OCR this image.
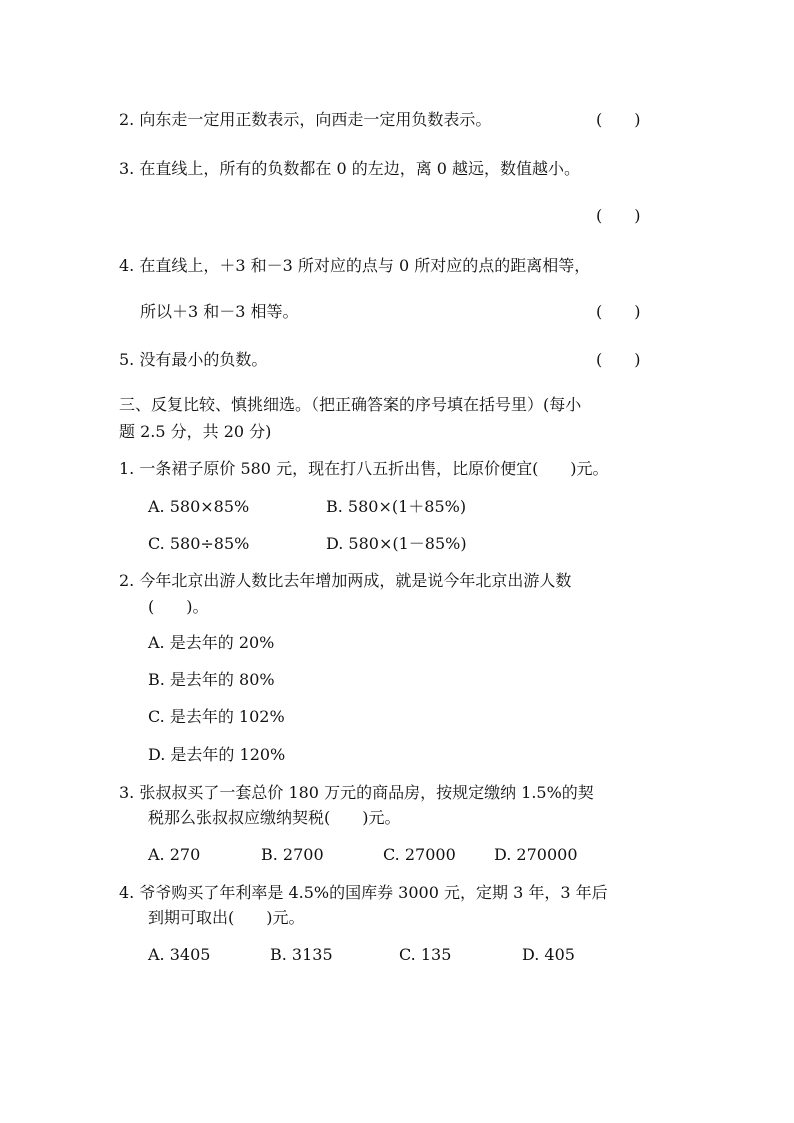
2. 向东走一定用正数表示，向西走一定用负数表示。	(　　)
3. 在直线上，所有的负数都在 0 的左边，离 0 越远，数值越小。
(　　)
4. 在直线上，＋3 和－3 所对应的点与 0 所对应的点的距离相等，
所以＋3 和－3 相等。	(　　)
5. 没有最小的负数。	(　　)
三、反复比较、慎挑细选。（把正确答案的序号填在括号里）(每小
题 2.5 分，共 20 分)
1. 一条裙子原价 580 元，现在打八五折出售，比原价便宜(　　)元。
A. 580×85%	B. 580×(1＋85%)
C. 580÷85%	D. 580×(1－85%)
2. 今年北京出游人数比去年增加两成，就是说今年北京出游人数
(　　)。
A. 是去年的 20%
B. 是去年的 80%
C. 是去年的 102%
D. 是去年的 120%
3. 张叔叔买了一套总价 180 万元的商品房，按规定缴纳 1.5%的契
税那么张叔叔应缴纳契税(　　)元。
A. 270	B. 2700	C. 27000 D. 270000
4. 爷爷购买了年利率是 4.5%的国库券 3000 元，定期 3 年，3 年后
到期可取出(　　)元。
A. 3405	B. 3135	C. 135	D. 405
